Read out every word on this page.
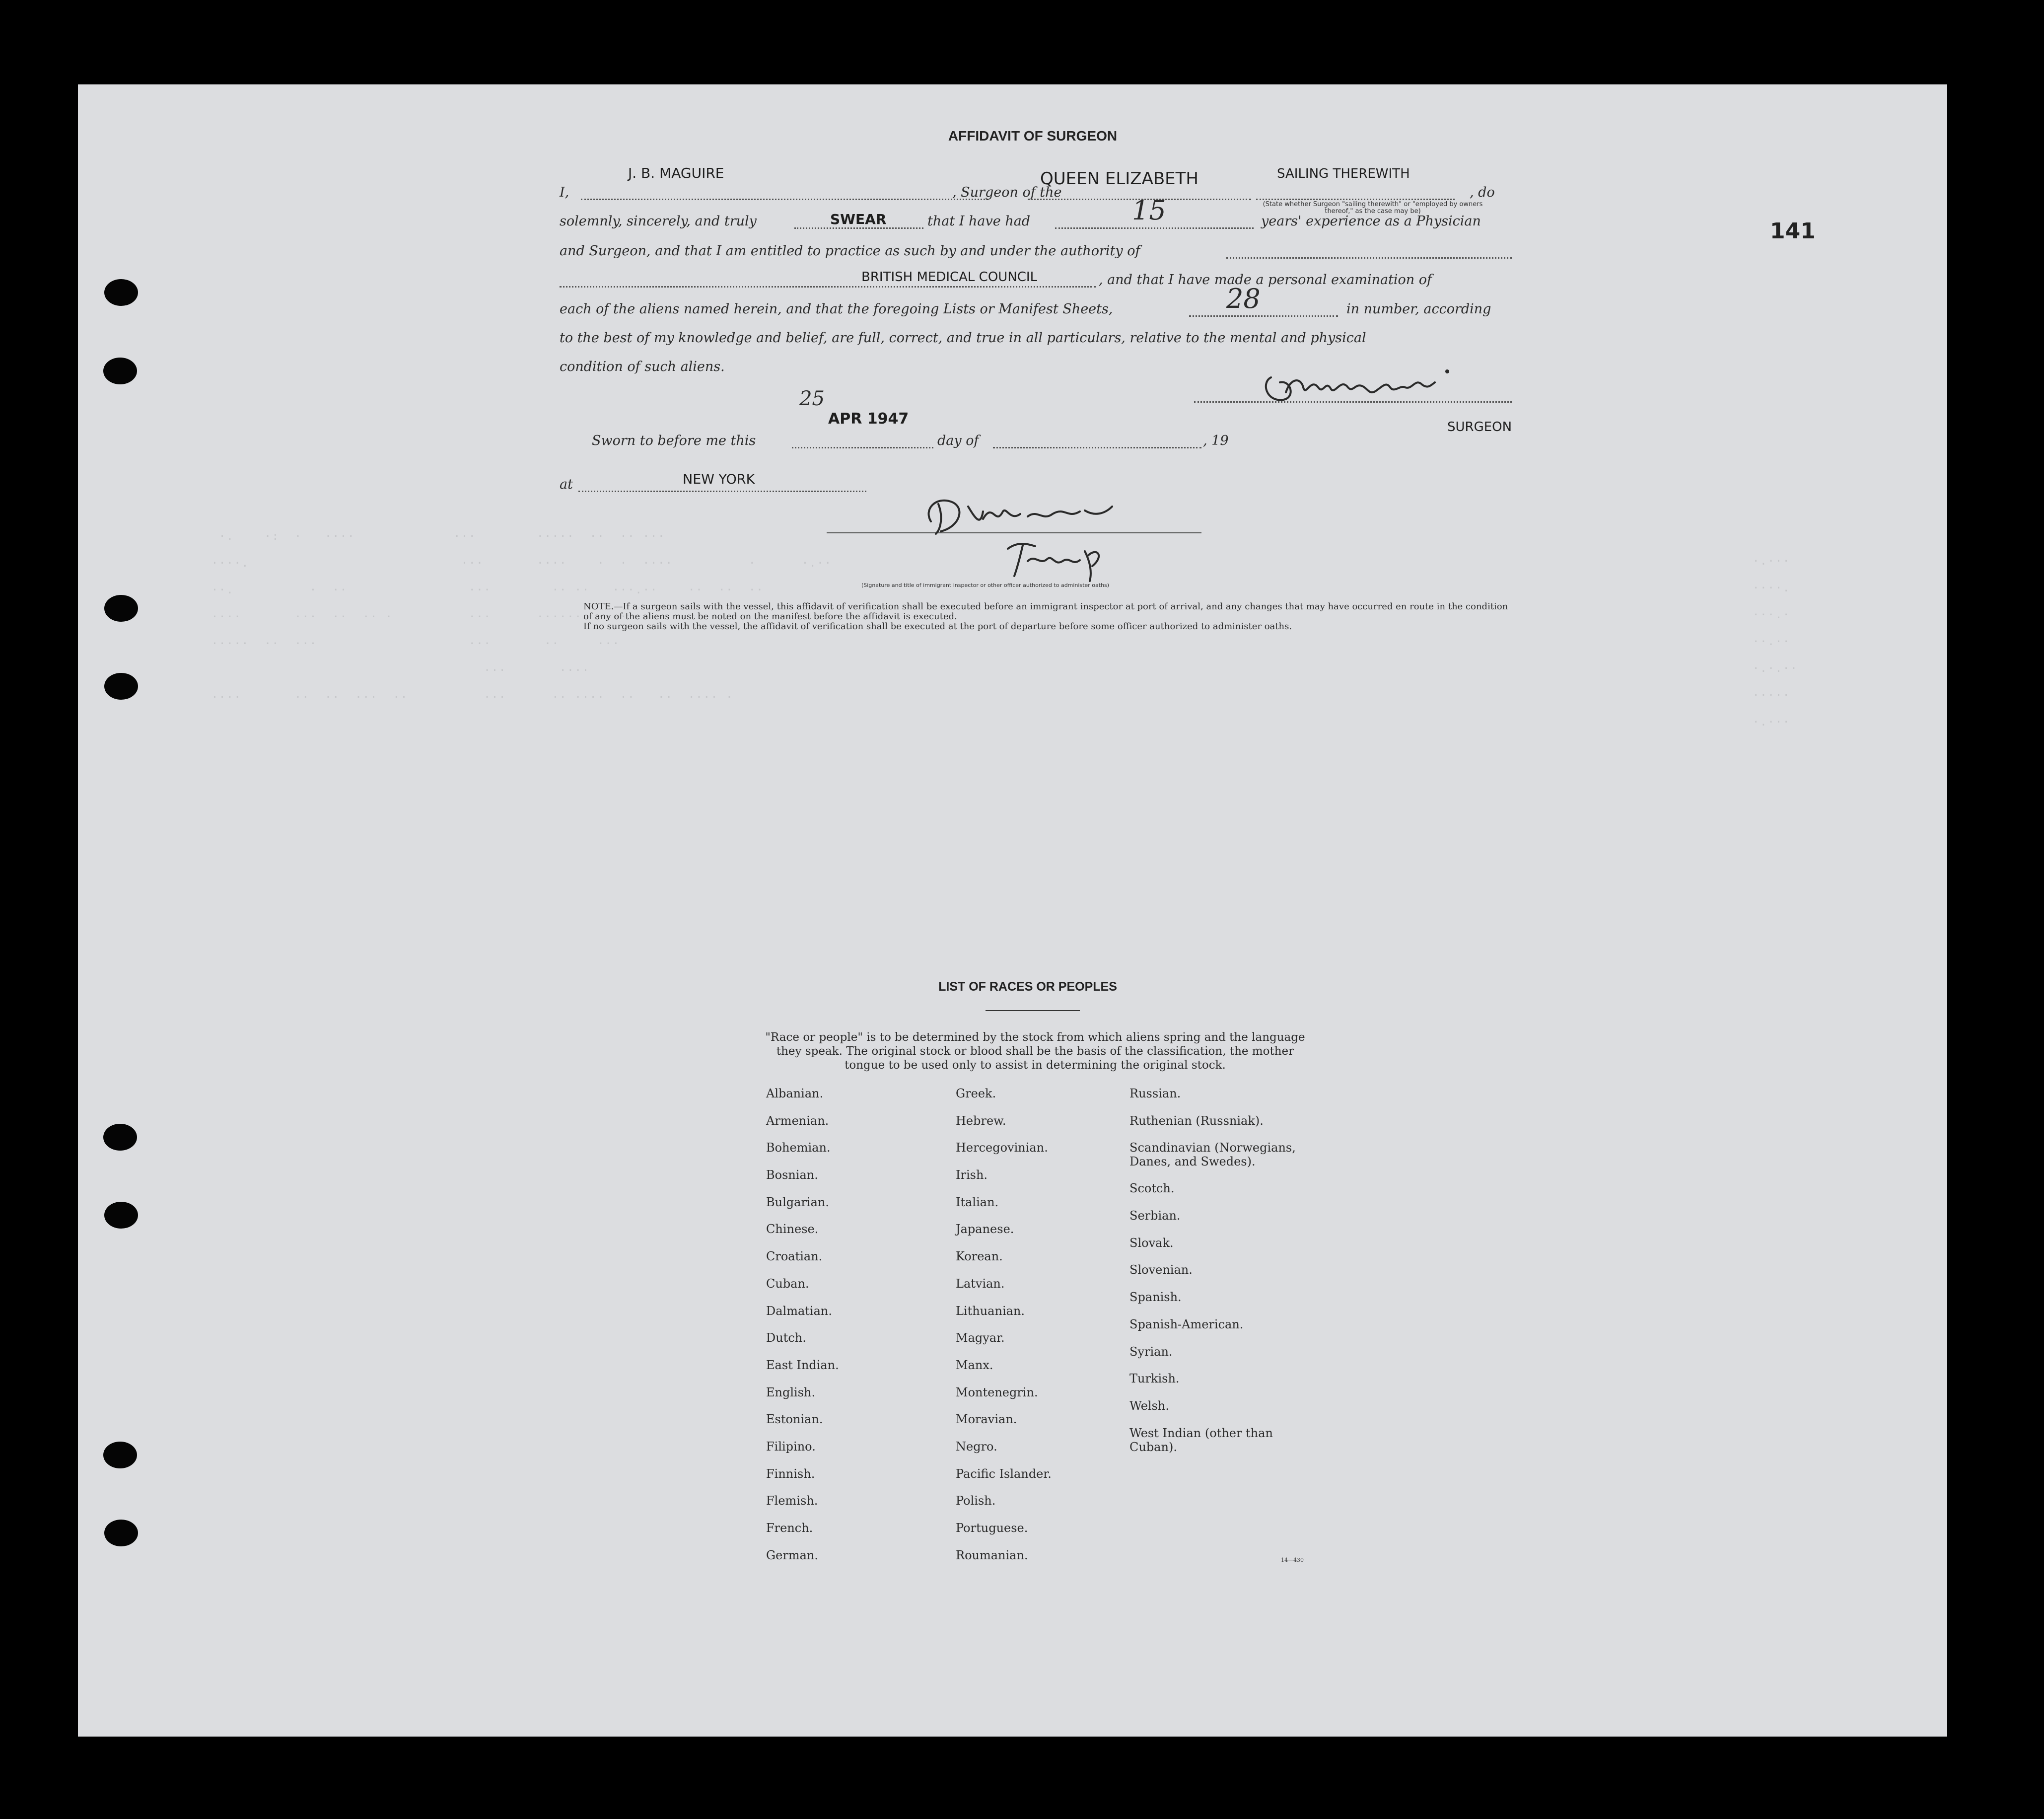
·.    ·:  ·   ····             ···        ·····  ··  ·· ···
····.                            ···       ····    ·  ·  ····          ·      ·.··
··.          ·  ··                ···        ·· ··   ···.··    ··  ··  ··
····       ···  ··  ·· ·          ···      ······  ···· ··
·····  ··  ···                    ···       ··     ···
···       ····
····       ··  ··  ···  ··          ···      ·· ····  ··   ··  ···· ·

·.···
····.
···.·
··.··
·.·.··
·····
·.···

141

AFFIDAVIT OF SURGEON
I,
J. B. MAGUIRE
, Surgeon of the
QUEEN ELIZABETH	SAILING THEREWITH
, do
(State whether Surgeon "sailing therewith" or "employed by owners thereof," as the case may be)
solemnly, sincerely, and truly	SWEAR	that I have had	15	years' experience as a Physician
and Surgeon, and that I am entitled to practice as such by and under the authority of
BRITISH MEDICAL COUNCIL	, and that I have made a personal examination of
each of the aliens named herein, and that the foregoing Lists or Manifest Sheets,	28	in number, according
to the best of my knowledge and belief, are full, correct, and true in all particulars, relative to the mental and physical
condition of such aliens.
SURGEON
Sworn to before me this
25
APR 1947
day of	, 19
at	NEW YORK
(Signature and title of immigrant inspector or other officer authorized to administer oaths)

NOTE.—If a surgeon sails with the vessel, this affidavit of verification shall be executed before an immigrant inspector at port of arrival, and any changes that may have occurred en route in the condition of any of the aliens must be noted on the manifest before the affidavit is executed.

If no surgeon sails with the vessel, the affidavit of verification shall be executed at the port of departure before some officer authorized to administer oaths.

LIST OF RACES OR PEOPLES
"Race or people" is to be determined by the stock from which aliens spring and the language they speak. The original stock or blood shall be the basis of the classification, the mother tongue to be used only to assist in determining the original stock.
Albanian.
Armenian.
Bohemian.
Bosnian.
Bulgarian.
Chinese.
Croatian.
Cuban.
Dalmatian.
Dutch.
East Indian.
English.
Estonian.
Filipino.
Finnish.
Flemish.
French.
German.
Greek.
Hebrew.
Hercegovinian.
Irish.
Italian.
Japanese.
Korean.
Latvian.
Lithuanian.
Magyar.
Manx.
Montenegrin.
Moravian.
Negro.
Pacific Islander.
Polish.
Portuguese.
Roumanian.
Russian.
Ruthenian (Russniak).
Scandinavian (Norwegians, Danes, and Swedes).
Scotch.
Serbian.
Slovak.
Slovenian.
Spanish.
Spanish-American.
Syrian.
Turkish.
Welsh.
West Indian (other than Cuban).
14—430
